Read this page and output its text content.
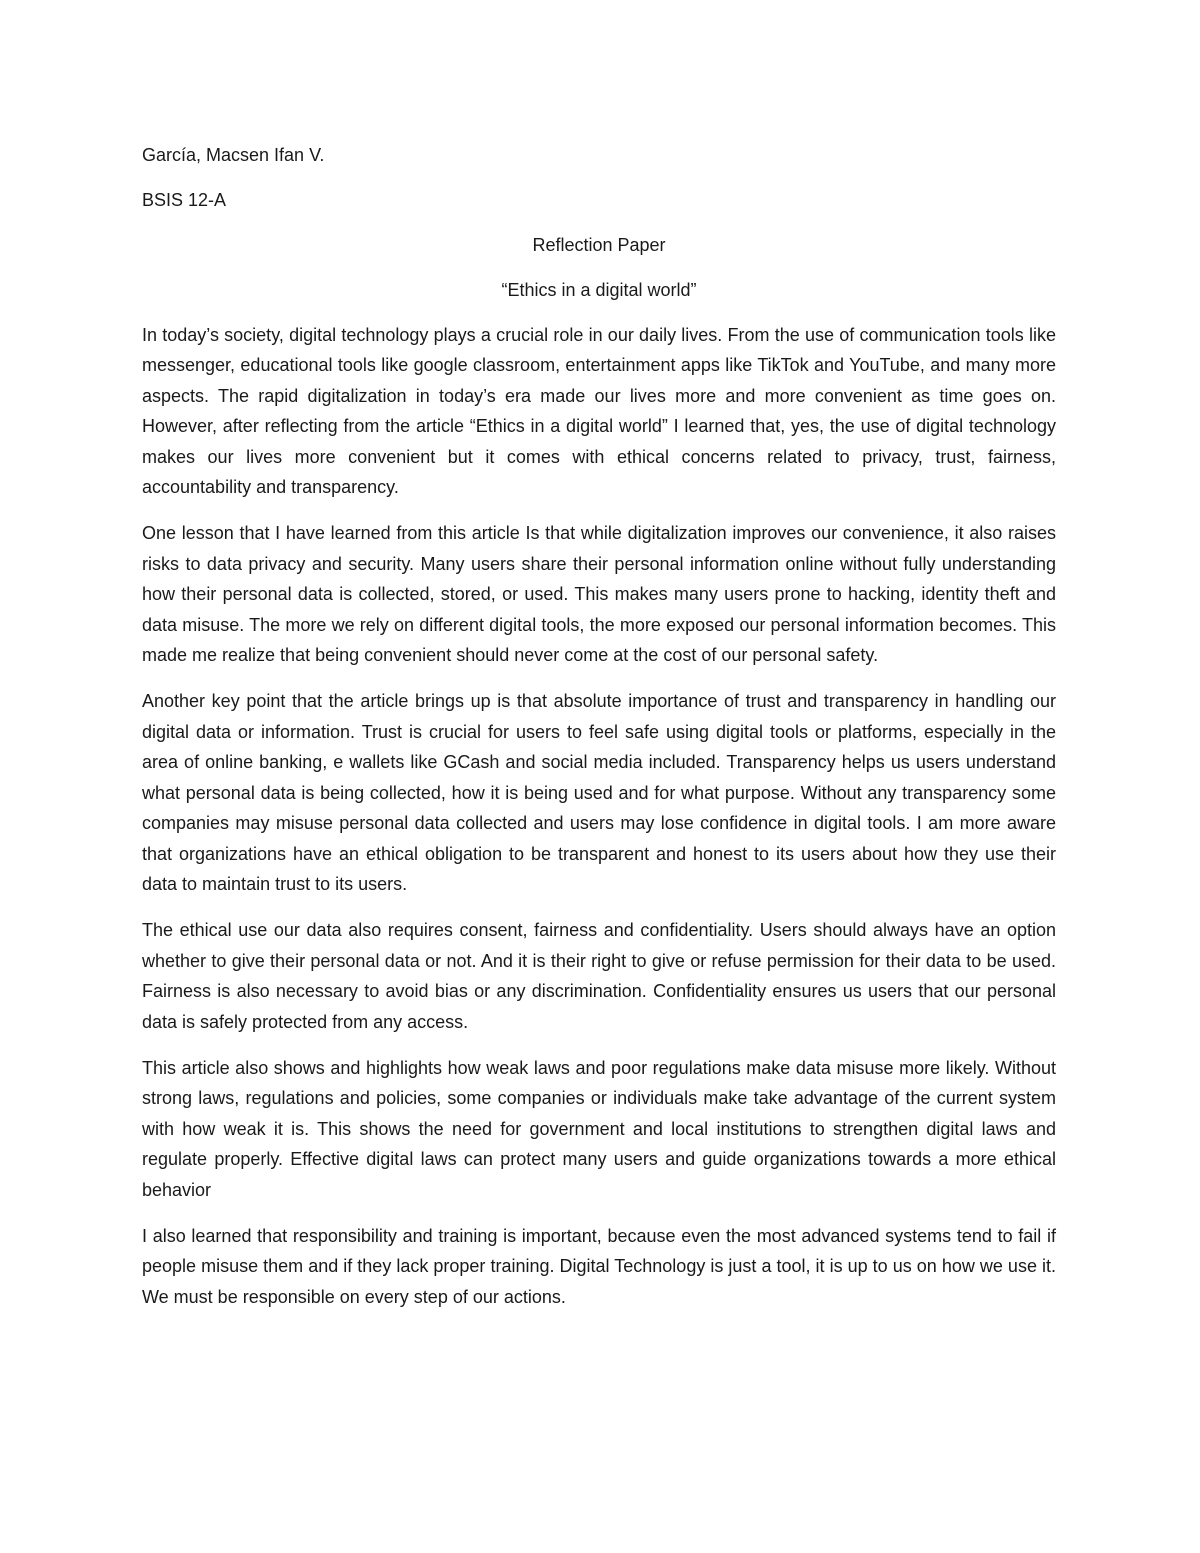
García, Macsen Ifan V.

BSIS 12-A

Reflection Paper

“Ethics in a digital world”

In today’s society, digital technology plays a crucial role in our daily lives. From the use of communication tools like messenger, educational tools like google classroom, entertainment apps like TikTok and YouTube, and many more aspects. The rapid digitalization in today’s era made our lives more and more convenient as time goes on. However, after reflecting from the article “Ethics in a digital world” I learned that, yes, the use of digital technology makes our lives more convenient but it comes with ethical concerns related to privacy, trust, fairness, accountability and transparency.

One lesson that I have learned from this article Is that while digitalization improves our convenience, it also raises risks to data privacy and security. Many users share their personal information online without fully understanding how their personal data is collected, stored, or used. This makes many users prone to hacking, identity theft and data misuse. The more we rely on different digital tools, the more exposed our personal information becomes. This made me realize that being convenient should never come at the cost of our personal safety.

Another key point that the article brings up is that absolute importance of trust and transparency in handling our digital data or information. Trust is crucial for users to feel safe using digital tools or platforms, especially in the area of online banking, e wallets like GCash and social media included. Transparency helps us users understand what personal data is being collected, how it is being used and for what purpose. Without any transparency some companies may misuse personal data collected and users may lose confidence in digital tools. I am more aware that organizations have an ethical obligation to be transparent and honest to its users about how they use their data to maintain trust to its users.

The ethical use our data also requires consent, fairness and confidentiality. Users should always have an option whether to give their personal data or not. And it is their right to give or refuse permission for their data to be used. Fairness is also necessary to avoid bias or any discrimination. Confidentiality ensures us users that our personal data is safely protected from any access.

This article also shows and highlights how weak laws and poor regulations make data misuse more likely. Without strong laws, regulations and policies, some companies or individuals make take advantage of the current system with how weak it is. This shows the need for government and local institutions to strengthen digital laws and regulate properly. Effective digital laws can protect many users and guide organizations towards a more ethical behavior

I also learned that responsibility and training is important, because even the most advanced systems tend to fail if people misuse them and if they lack proper training. Digital Technology is just a tool, it is up to us on how we use it. We must be responsible on every step of our actions.
